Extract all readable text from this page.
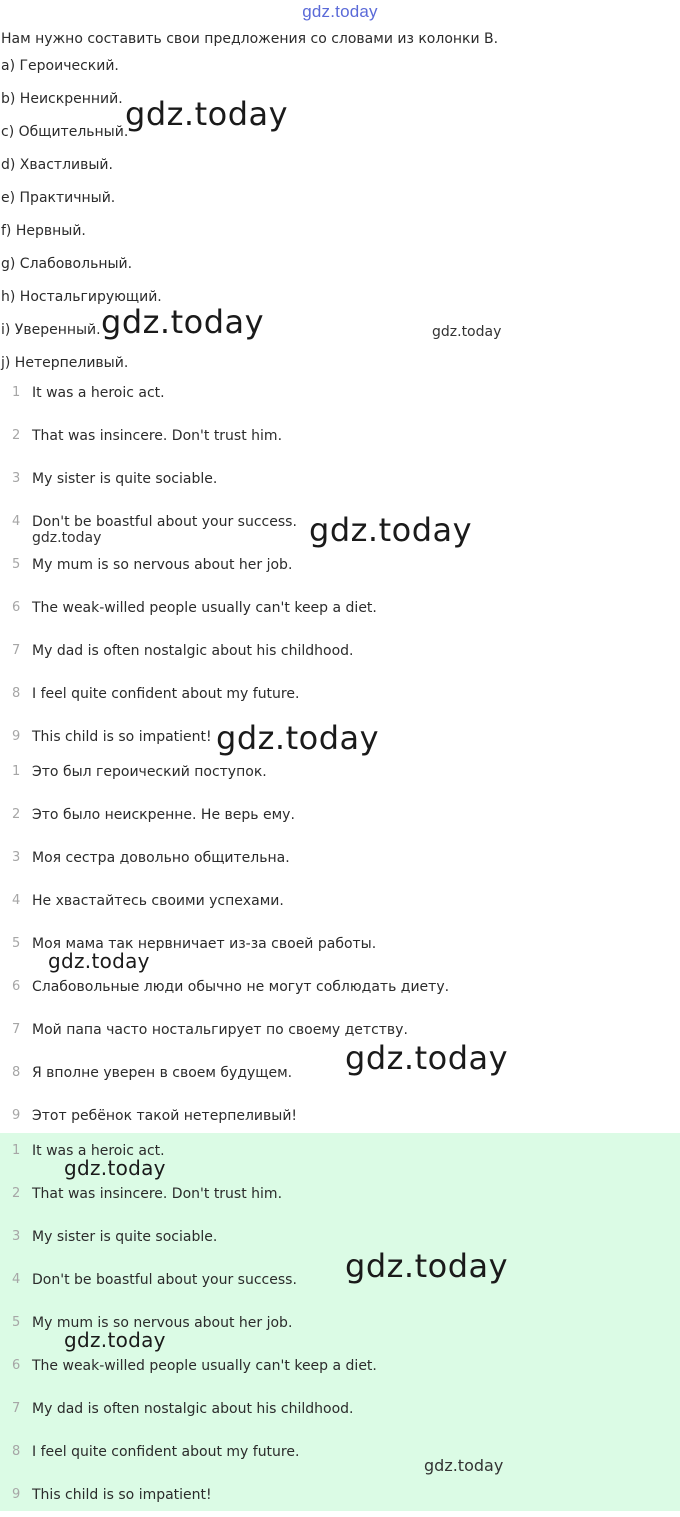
gdz.today
Нам нужно составить свои предложения со словами из колонки B.
a) Героический.
b) Неискренний.
c) Общительный.
d) Хвастливый.
e) Практичный.
f) Нервный.
g) Слабовольный.
h) Ностальгирующий.
i) Уверенный.
j) Нетерпеливый.
1 It was a heroic act.
2 That was insincere. Don't trust him.
3 My sister is quite sociable.
4 Don't be boastful about your success.
5 My mum is so nervous about her job.
6 The weak-willed people usually can't keep a diet.
7 My dad is often nostalgic about his childhood.
8 I feel quite confident about my future.
9 This child is so impatient!
1 Это был героический поступок.
2 Это было неискренне. Не верь ему.
3 Моя сестра довольно общительна.
4 Не хвастайтесь своими успехами.
5 Моя мама так нервничает из-за своей работы.
6 Слабовольные люди обычно не могут соблюдать диету.
7 Мой папа часто ностальгирует по своему детству.
8 Я вполне уверен в своем будущем.
9 Этот ребёнок такой нетерпеливый!
1 It was a heroic act.
2 That was insincere. Don't trust him.
3 My sister is quite sociable.
4 Don't be boastful about your success.
5 My mum is so nervous about her job.
6 The weak-willed people usually can't keep a diet.
7 My dad is often nostalgic about his childhood.
8 I feel quite confident about my future.
9 This child is so impatient!
gdz.today
gdz.today	gdz.today
gdz.today
gdz.today
gdz.today
gdz.today
gdz.today
gdz.today
gdz.today
gdz.today
gdz.today
